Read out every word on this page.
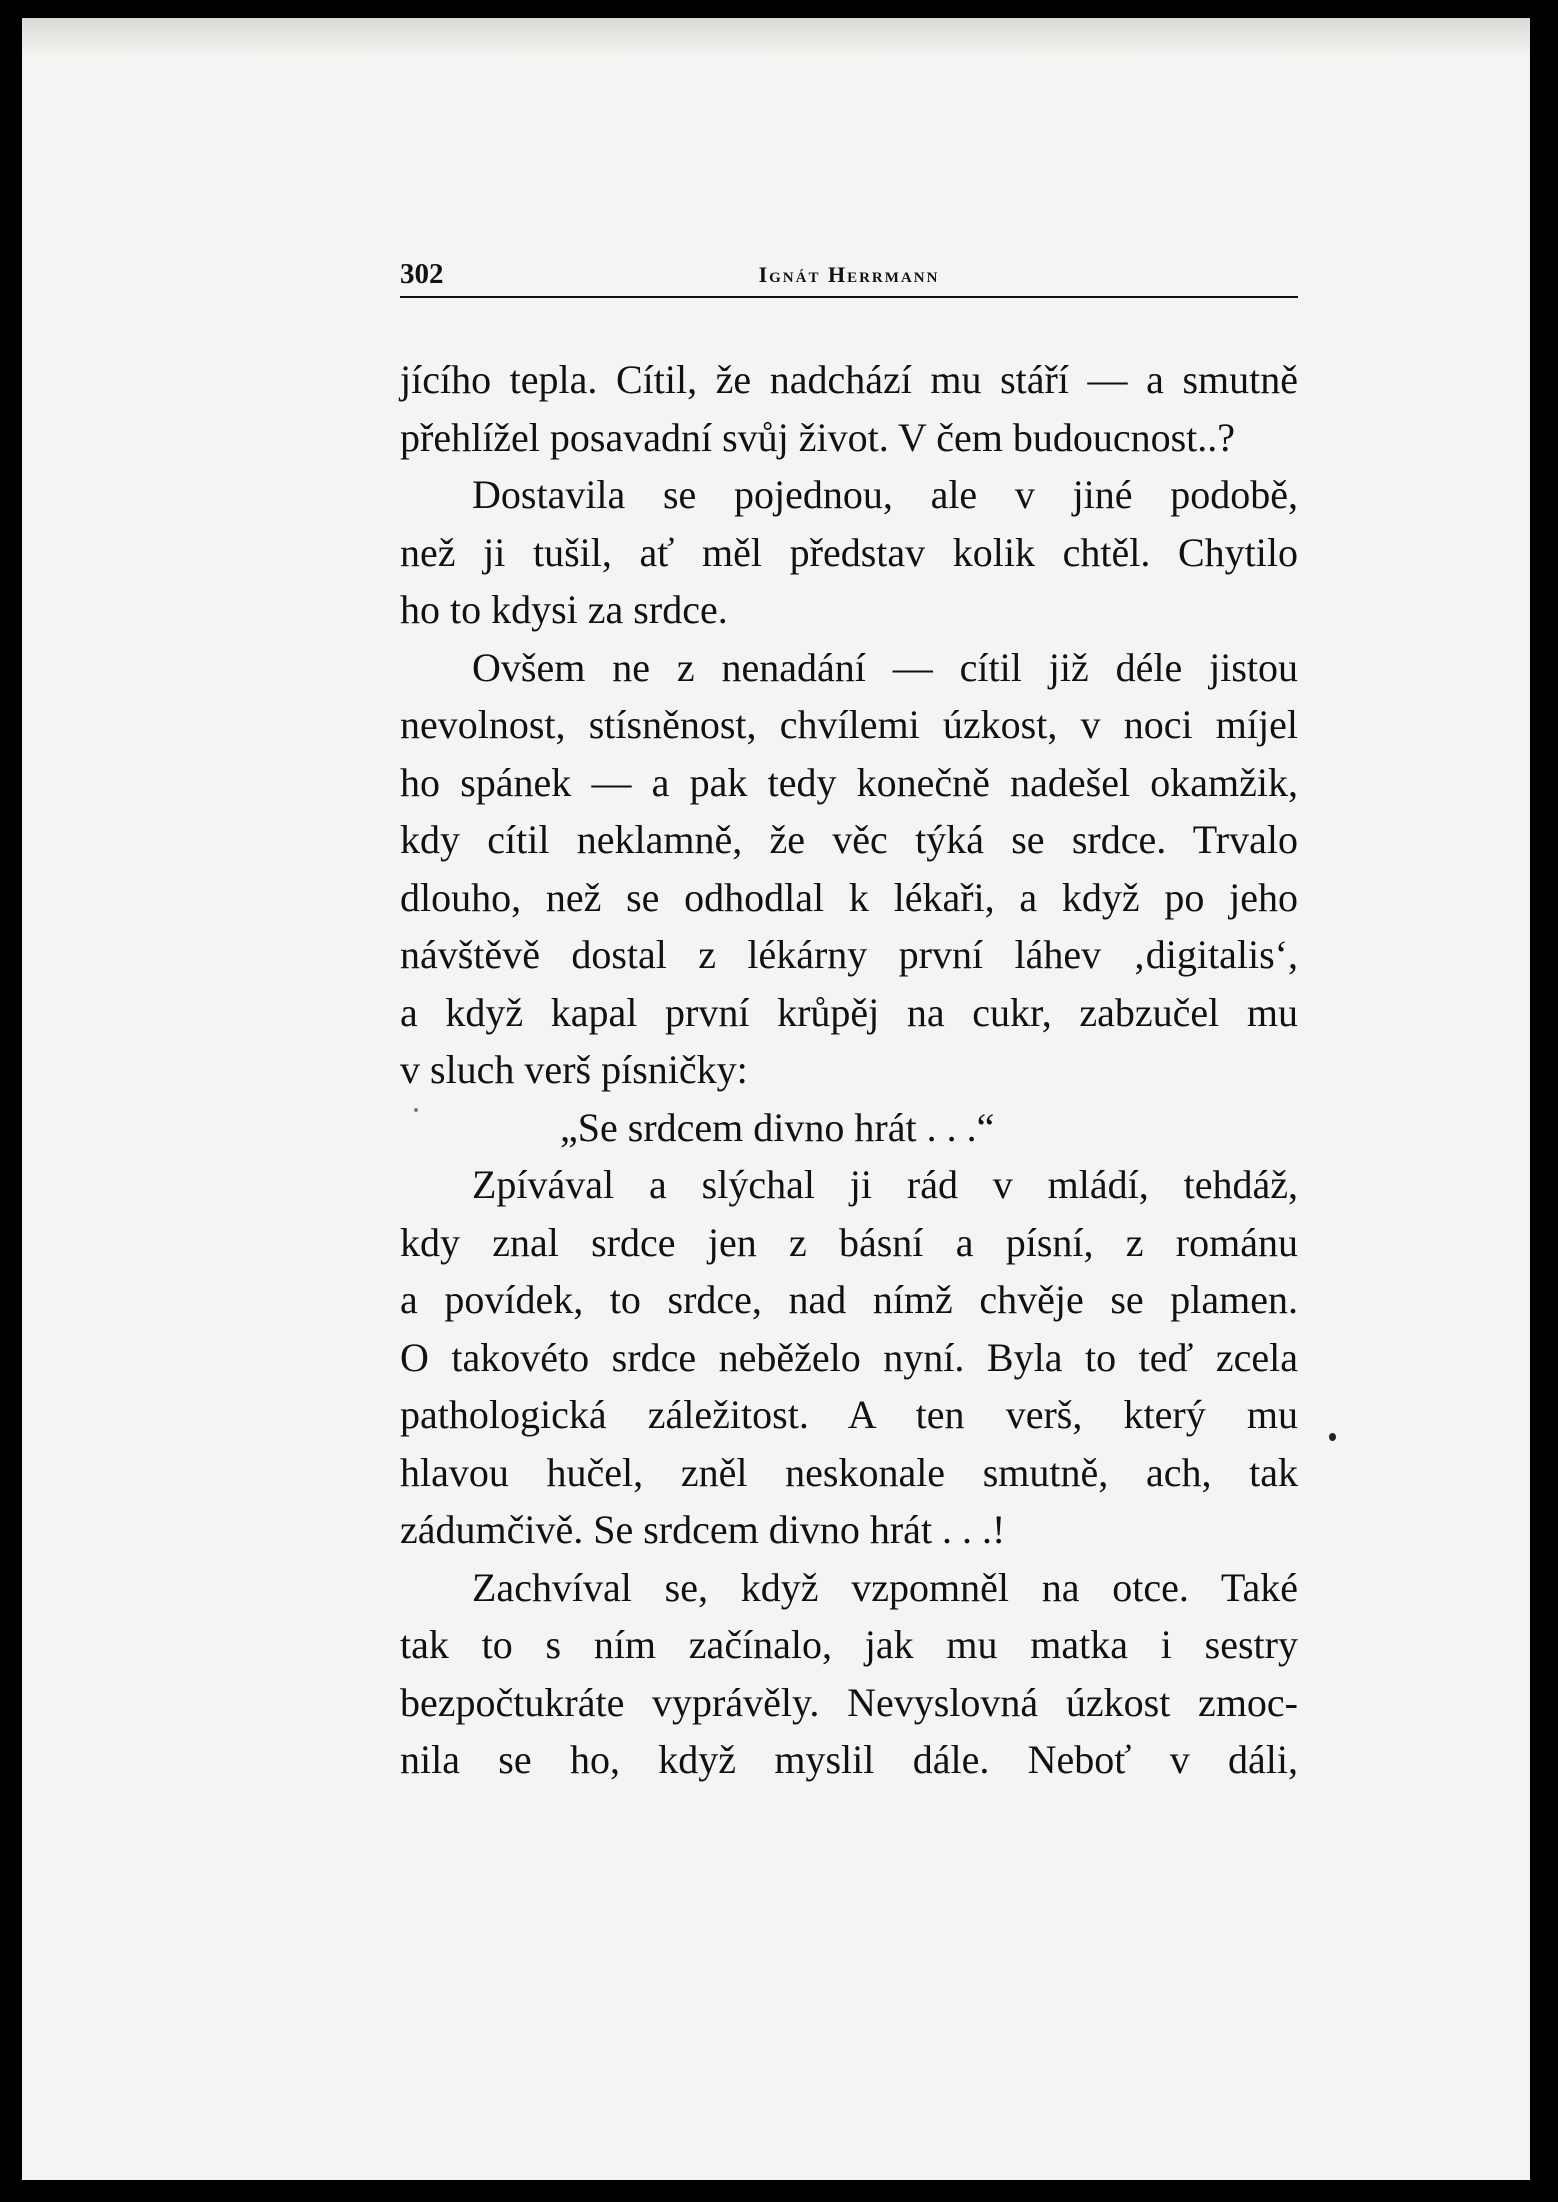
302	Ignát Herrmann

jícího tepla. Cítil, že nadchází mu stáří — a smutně
přehlížel posavadní svůj život. V čem budoucnost..?

Dostavila se pojednou, ale v jiné podobě,
než ji tušil, ať měl představ kolik chtěl. Chytilo
ho to kdysi za srdce.

Ovšem ne z nenadání — cítil již déle jistou
nevolnost, stísněnost, chvílemi úzkost, v noci míjel
ho spánek — a pak tedy konečně nadešel okamžik,
kdy cítil neklamně, že věc týká se srdce. Trvalo
dlouho, než se odhodlal k lékaři, a když po jeho
návštěvě dostal z lékárny první láhev ‚digitalis‘,
a když kapal první krůpěj na cukr, zabzučel mu
v sluch verš písničky:

„Se srdcem divno hrát . . .“

Zpívával a slýchal ji rád v mládí, tehdáž,
kdy znal srdce jen z básní a písní, z románu
a povídek, to srdce, nad nímž chvěje se plamen.
O takovéto srdce neběželo nyní. Byla to teď zcela
pathologická záležitost. A ten verš, který mu
hlavou hučel, zněl neskonale smutně, ach, tak
zádumčivě. Se srdcem divno hrát . . .!

Zachvíval se, když vzpomněl na otce. Také
tak to s ním začínalo, jak mu matka i sestry
bezpočtukráte vyprávěly. Nevyslovná úzkost zmoc-
nila se ho, když myslil dále. Neboť v dáli,
